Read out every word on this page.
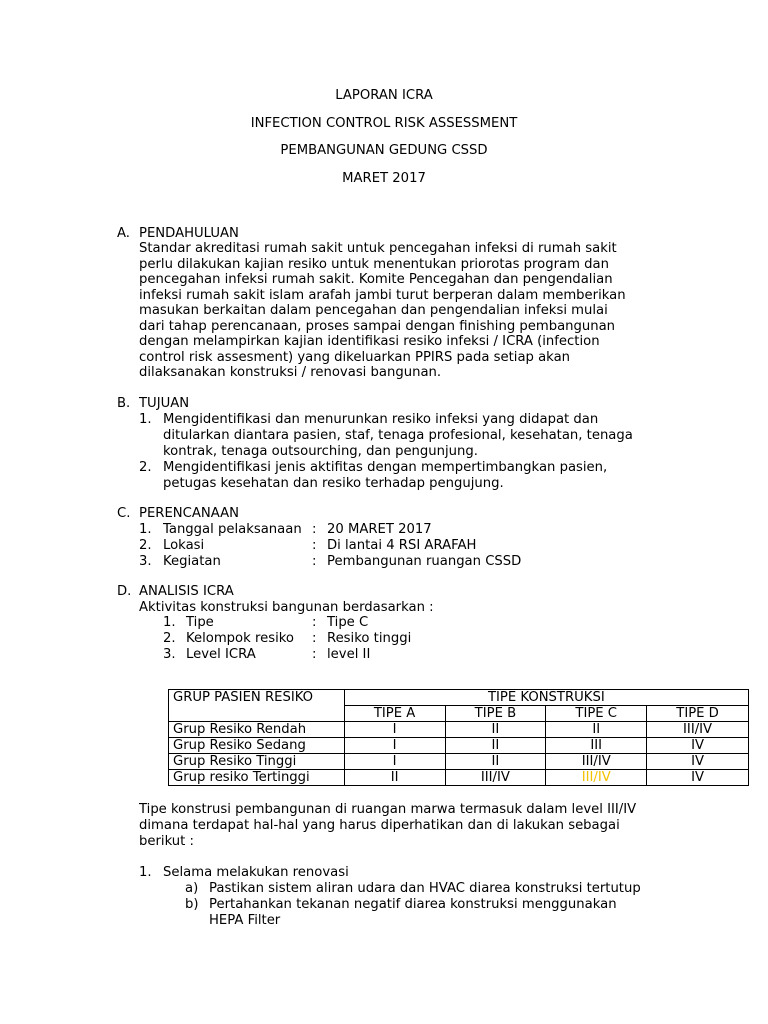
LAPORAN ICRA
INFECTION CONTROL RISK ASSESSMENT
PEMBANGUNAN GEDUNG CSSD
MARET 2017
A. PENDAHULUAN
Standar akreditasi rumah sakit untuk pencegahan infeksi di rumah sakit
perlu dilakukan kajian resiko untuk menentukan priorotas program dan
pencegahan infeksi rumah sakit. Komite Pencegahan dan pengendalian
infeksi rumah sakit islam arafah jambi turut berperan dalam memberikan
masukan berkaitan dalam pencegahan dan pengendalian infeksi mulai
dari tahap perencanaan, proses sampai dengan finishing pembangunan
dengan melampirkan kajian identifikasi resiko infeksi / ICRA (infection
control risk assesment) yang dikeluarkan PPIRS pada setiap akan
dilaksanakan konstruksi / renovasi bangunan.
B. TUJUAN
1. Mengidentifikasi dan menurunkan resiko infeksi yang didapat dan
ditularkan diantara pasien, staf, tenaga profesional, kesehatan, tenaga
kontrak, tenaga outsourching, dan pengunjung.
2. Mengidentifikasi jenis aktifitas dengan mempertimbangkan pasien,
petugas kesehatan dan resiko terhadap pengujung.
C. PERENCANAAN
1. Tanggal pelaksanaan : 20 MARET 2017
2. Lokasi	: Di lantai 4 RSI ARAFAH
3. Kegiatan	: Pembangunan ruangan CSSD
D. ANALISIS ICRA
Aktivitas konstruksi bangunan berdasarkan :
1. Tipe	: Tipe C
2. Kelompok resiko : Resiko tinggi
3. Level ICRA	: level II
GRUP PASIEN RESIKO	TIPE KONSTRUKSI			
	TIPE A	TIPE B	TIPE C	TIPE D
Grup Resiko Rendah	I	II	II	III/IV
Grup Resiko Sedang	I	II	III	IV
Grup Resiko Tinggi	I	II	III/IV	IV
Grup resiko Tertinggi	II	III/IV	III/IV	IV
Tipe konstrusi pembangunan di ruangan marwa termasuk dalam level III/IV
dimana terdapat hal-hal yang harus diperhatikan dan di lakukan sebagai
berikut :
1. Selama melakukan renovasi
a) Pastikan sistem aliran udara dan HVAC diarea konstruksi tertutup
b) Pertahankan tekanan negatif diarea konstruksi menggunakan
HEPA Filter
